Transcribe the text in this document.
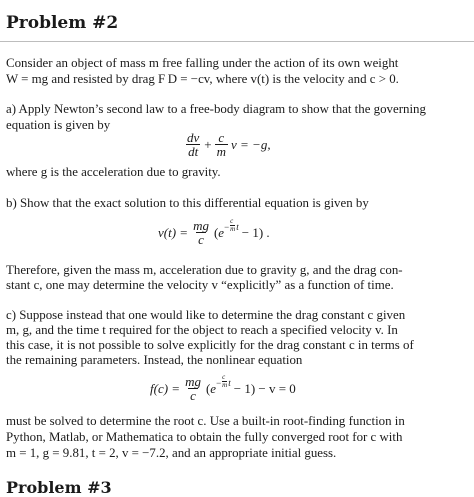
Problem #2
Consider an object of mass m free falling under the action of its own weight
W = mg and resisted by drag F D = −cv, where v(t) is the velocity and c > 0.
a) Apply Newton’s second law to a free-body diagram to show that the governing
equation is given by
$\frac{dv}{dt} + \frac{c}{m}$ v = −g,
where g is the acceleration due to gravity.
b) Show that the exact solution to this differential equation is given by
$v(t) = \frac{mg}{c}$ ( $e - \frac{c}{m}$ t − 1) .
Therefore, given the mass m, acceleration due to gravity g, and the drag con-
stant c, one may determine the velocity v “explicitly” as a function of time.
c) Suppose instead that one would like to determine the drag constant c given
m, g, and the time t required for the object to reach a specified velocity v. In
this case, it is not possible to solve explicitly for the drag constant c in terms of
the remaining parameters. Instead, the nonlinear equation
$f(c) = \frac{mg}{c}$ ( $e - \frac{c}{m}$ t − 1) − v = 0
must be solved to determine the root c. Use a built-in root-finding function in
Python, Matlab, or Mathematica to obtain the fully converged root for c with
m = 1, g = 9.81, t = 2, v = −7.2, and an appropriate initial guess.
Problem #3
